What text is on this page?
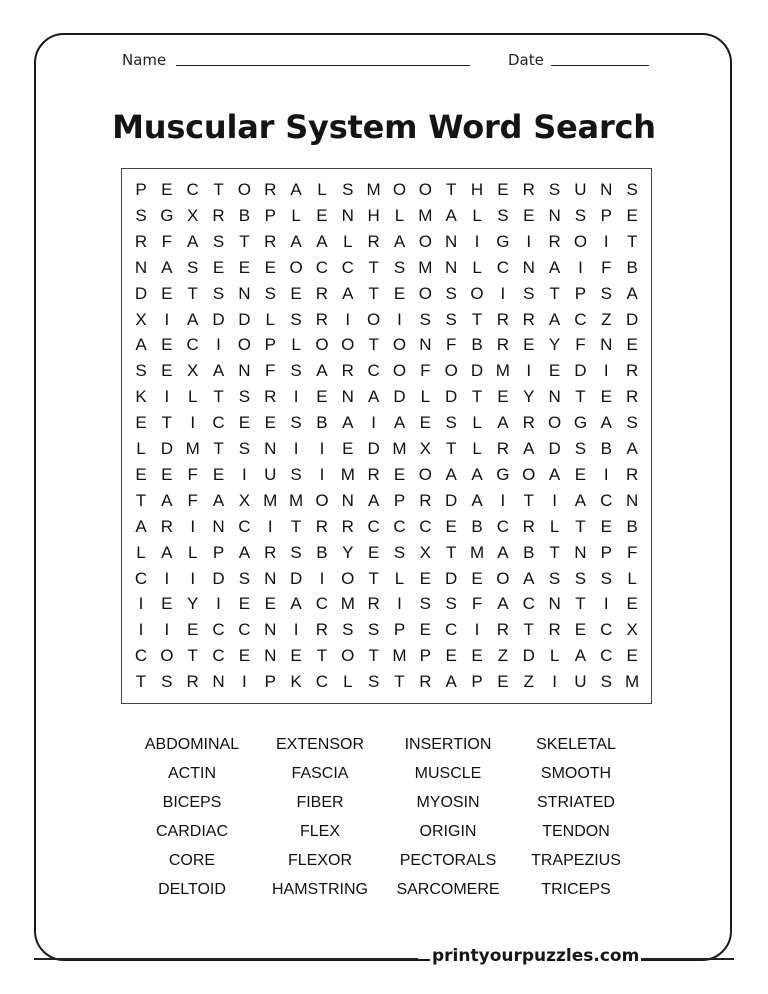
Name	Date
Muscular System Word Search
P E C T O R A L S M O O T H E R S U N S
S G X R B P L E N H L M A L S E N S P E
R F A S T R A A L R A O N	I G I	R O I	T
N A S E E E O C C T S M N L C N A	I	F B
D E T S N S E R A T E O S O I	S T P S A
X	I	A D D L S R	I O I	S S T R R A C Z D
A E C	I O P L O O T O N F B R E Y F N E
S E X A N F S A R C O F O D M I	E D	I	R
K	I	L T S R	I	E N A D L D T E Y N T E R
E T	I	C E E S B A	I	A E S L A R O G A S
L D M T S N	I	I	E D M X T L R A D S B A
E E F E	I	U S	I M R E O A A G O A E	I	R
T A F A X M M O N A P R D A	I	T	I	A C N
A R	I	N C	I	T R R C C C E B C R L T E B
L A L P A R S B Y E S X T M A B T N P F
C	I	I	D S N D	I O T L E D E O A S S S L
I	E Y	I	E E A C M R	I	S S F A C N T	I	E
I	I	E C C N	I	R S S P E C	I	R T R E C X
C O T C E N E T O T M P E E Z D L A C E
T S R N	I	P K C L S T R A P E Z	I	U S M
ABDOMINAL
ACTIN
BICEPS
CARDIAC
CORE
DELTOID
EXTENSOR
FASCIA
FIBER
FLEX
FLEXOR
HAMSTRING
INSERTION
MUSCLE
MYOSIN
ORIGIN
PECTORALS
SARCOMERE
SKELETAL
SMOOTH
STRIATED
TENDON
TRAPEZIUS
TRICEPS
printyourpuzzles.com
